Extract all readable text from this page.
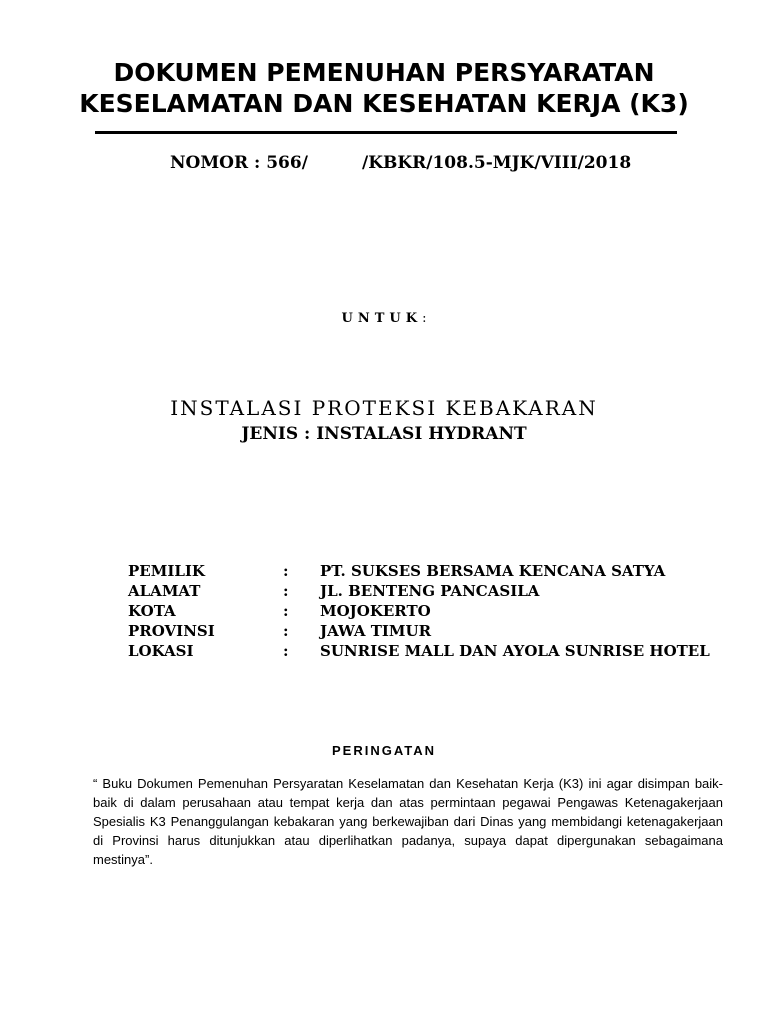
DOKUMEN PEMENUHAN PERSYARATAN
KESELAMATAN DAN KESEHATAN KERJA (K3)
NOMOR : 566/	/KBKR/108.5-MJK/VIII/2018
UNTUK:
INSTALASI PROTEKSI KEBAKARAN
JENIS : INSTALASI HYDRANT
PEMILIK	: PT. SUKSES BERSAMA KENCANA SATYA
ALAMAT	: JL. BENTENG PANCASILA
KOTA	: MOJOKERTO
PROVINSI	: JAWA TIMUR
LOKASI	: SUNRISE MALL DAN AYOLA SUNRISE HOTEL
PERINGATAN
“ Buku Dokumen Pemenuhan Persyaratan Keselamatan dan Kesehatan Kerja (K3) ini agar disimpan baik-baik di dalam perusahaan atau tempat kerja dan atas permintaan pegawai Pengawas Ketenagakerjaan Spesialis K3 Penanggulangan kebakaran yang berkewajiban dari Dinas yang membidangi ketenagakerjaan di Provinsi harus ditunjukkan atau diperlihatkan padanya, supaya dapat dipergunakan sebagaimana mestinya”.
